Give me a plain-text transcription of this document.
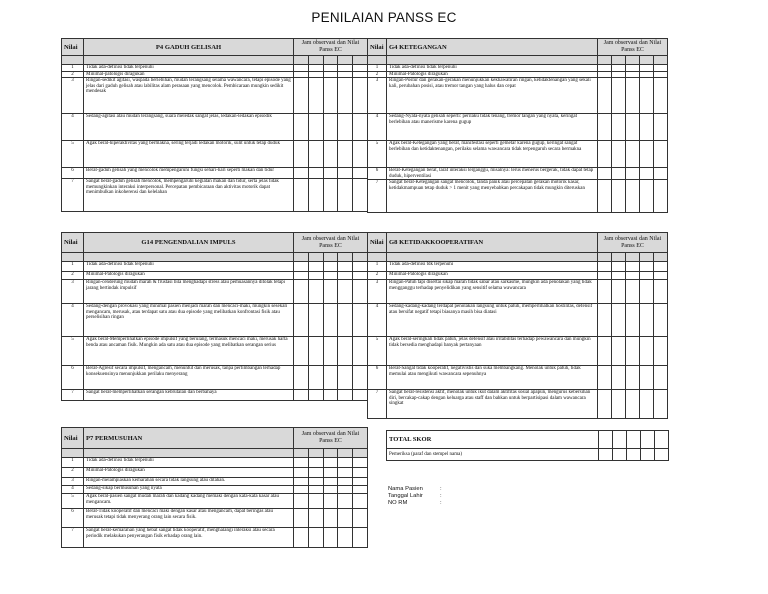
PENILAIAN PANSS EC
Nilai	P4 GADUH GELISAH	Jam observasi dan Nilai Panss EC				

1	Tidak ada-definisi tidak terpenuhi					
2	Minimal-patologis diragukan					
3	Ringan-sedikit agitasi, waspada berlebihan, mudah terangsang selama wawancara, tetapi episode yang jelas dari gaduh gelisah atau labilitas alam perasaan yang mencolok. Pembicaraan mungkin sedikit mendesak					
4	Sedang-agitasi atau mudah terangsang, suara meledak sangat jelas, ledakan-ledakan episodik					
5	Agak berat-hiperaktivitas yang bermakna, sering terjadi ledakan motorik, sulit untuk tetap duduk					
6	Berat-gaduh gelisah yang mencolok mempengaruhi fungsi sehari-hari seperti makan dan tidur					
7	Sangat berat-gaduh gelisah mencolok, mempengaruhi kegiatan makan dan tidur, serta jelas tidak memungkinkan interaksi interpersonal. Percepatan pembicaraan dan aktivitas motorik dapat menimbulkan inkoherensi dan kelelahan					
Nilai	G4 KETEGANGAN	Jam observasi dan Nilai Panss EC				

1	Tidak ada-definisi tidak terpenuhi					
2	Minimal-Patologis diragukan					
3	Ringan-Postur dan gerakan-gerakan menunjukkan kekhawatiran ringan, ketidaktenangan yang sekali kali, perubahan posisi, atau tremor tangan yang halus dan cepat					
4	Sedang-Nyata-nyata gelisah seperti: perilaku tidak tenang, tremor tangan yang nyata, keringat berlebihan atau manerisme karena gugup					
5	Agak berat-Ketegangan yang berat, manifestasi seperti gemetar karena gugup, keringat sangat berlebihan dan ketidaktenangan, perilaku selama wawancara tidak terpengaruh secara bermakna					
6	Berat-Ketegangan berat, taraf interaksi terganggu, misalnya: terus menerus bergerak, tidak dapat tetap duduk, hiperventilasi					
7	Sangat berat-Ketegangan sangat mencolok, tanda panik atau percepatan gerakan motorik kasar, ketidakmampuan tetap duduk > 1 menit yang menyebabkan percakapan tidak mungkin diteruskan					
Nilai	G14 PENGENDALIAN IMPULS	Jam observasi dan Nilai Panss EC				

1	Tidak ada-definisi tidak terpenuhi					
2	Minimal-Patologis diragukan					
3	Ringan-cenderung mudah marah & frustasi bila menghadapi stress atau pemuasannya ditolak tetapi jarang bertindak impulsif					
4	Sedang-dengan provokasi yang minimal pasien menjadi marah dan mencaci-maki, mungkin sesekali mengancam, merusak, atau terdapat satu atau dua episode yang melibatkan konfrontasi fisik atau perselisihan ringan					
5	Agak berat-Memperlihatkan episode impulsif yang berulang, termasuk mencaci maki, merusak harta benda atau ancaman fisik. Mungkin ada satu atau dua episode yang melibatkan serangan serius					
6	Berat-Agresif secara impulsif, mengancam, menuntut dan merusak, tanpa pertimbangan terhadap konsekuensinya menunjukkan perilaku menyerang					
7	Sangat berat-memperlihatkan serangan kebrutalan dan berbahaya					
Nilai	G8 KETIDAKKOOPERATIFAN	Jam observasi dan Nilai Panss EC				

1	Tidak ada-definisi tdk terpenuhi					
2	Minimal-Patologis diragukan					
3	Ringan-Patuh tapi disertai sikap marah tidak sabar atau sarkasme, mungkin ada penolakan yang tidak mengganggu terhadap penyelidikan yang sensitif selama wawancara					
4	Sedang-kadang-kadang terdapat penolakan langsung untuk patuh, memperlihatkan hostilitas, defensif atau bersifat negatif tetapi biasanya masih bisa diatasi					
5	Agak berat-seringkali tidak patuh, jelas defensif atau iritabilitas terhadap pewawancara dan mungkin tidak bersedia menghadapi banyak pertanyaan					
6	Berat-Sangat tidak kooperatif, negativistis dan suka membangkang. Menolak untuk patuh, tidak memulai atau mengikuti wawancara sepenuhnya					
7	Sangat berat-resistensi aktif, menolak untuk ikut dalam aktifitas sosial apapun, mengurus kebersihan diri, bercakap-cakap dengan keluarga atau staff dan bahkan untuk berpartisipasi dalam wawancara singkat					
Nilai	P7 PERMUSUHAN	Jam observasi dan Nilai Panss EC				

1	Tidak ada-definisi tidak terpenuhi					
2	Minimal-Patologis diragukan					
3	Ringan-melampiaskan kemarahan secara tidak langsung atau ditahan.					
4	Sedang-sikap bermusuhan yang nyata					
5	Agak berat-pasien sangat mudah marah dan kadang kadang memaki dengan kata-kata kasar atau mengancam.					
6	Berat-Tidak kooperatif dan mencaci maki dengan kasar atau mengancam, dapat beringas atau merusak tetapi tidak menyerang orang lain secara fisik.					
7	Sangat berat-kemarahan yang hebat sangat tidak kooperatif, menghalangi interaksi atau secara periodik melakukan penyerangan fisik erhadap orang lain.					
TOTAL SKOR					
Pemeriksa (paraf dan stempel nama)					
Nama Pasien	:
Tanggal Lahir	:
NO RM	:
